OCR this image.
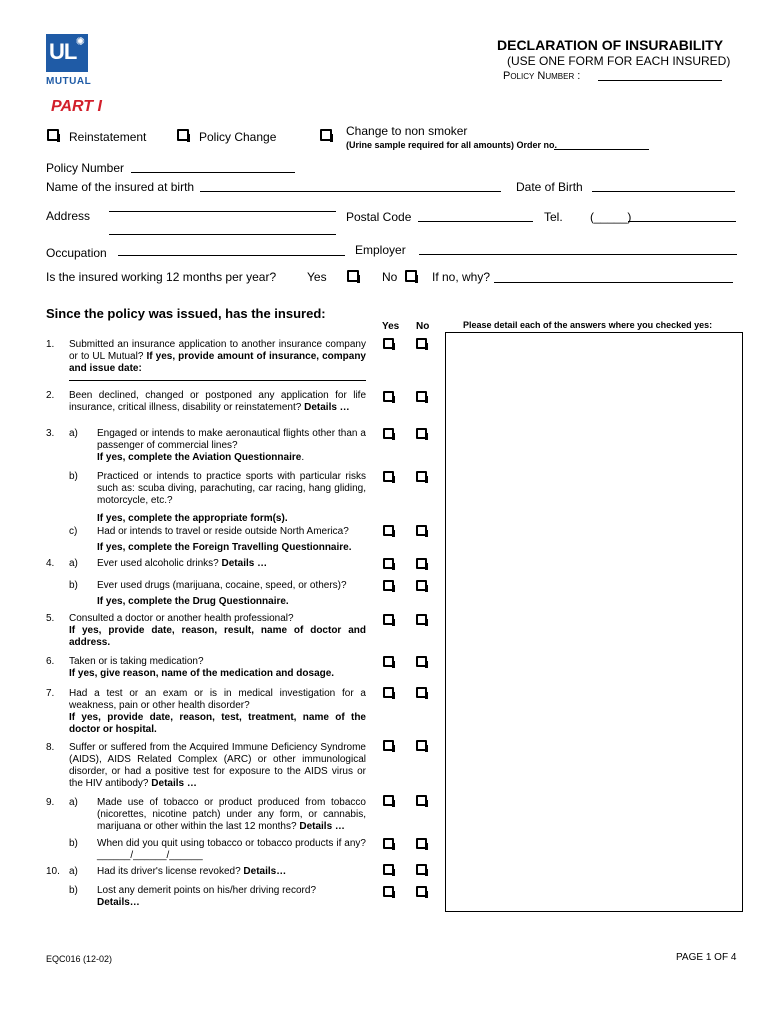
UL ✺
MUTUAL
DECLARATION OF INSURABILITY
(USE ONE FORM FOR EACH INSURED)
Policy Number :
PART I
Reinstatement	Policy Change	Change to non smoker
(Urine sample required for all amounts) Order no.
Policy Number
Name of the insured at birth	Date of Birth
Address	Postal Code	Tel. (_____)
Occupation	Employer
Is the insured working 12 months per year?	Yes	No	If no, why?
Since the policy was issued, has the insured:
Yes No	Please detail each of the answers where you checked yes:
1. Submitted an insurance application to another insurance company or to UL Mutual? If yes, provide amount of insurance, company and issue date:
2. Been declined, changed or postponed any application for life insurance, critical illness, disability or reinstatement? Details …
3. a) Engaged or intends to make aeronautical flights other than a passenger of commercial lines?
If yes, complete the Aviation Questionnaire.
b) Practiced or intends to practice sports with particular risks such as: scuba diving, parachuting, car racing, hang gliding, motorcycle, etc.?
If yes, complete the appropriate form(s).
c) Had or intends to travel or reside outside North America?
If yes, complete the Foreign Travelling Questionnaire.
4. a) Ever used alcoholic drinks? Details …
b) Ever used drugs (marijuana, cocaine, speed, or others)?
If yes, complete the Drug Questionnaire.
5. Consulted a doctor or another health professional?
If yes, provide date, reason, result, name of doctor and address.
6. Taken or is taking medication?
If yes, give reason, name of the medication and dosage.
7. Had a test or an exam or is in medical investigation for a weakness, pain or other health disorder?
If yes, provide date, reason, test, treatment, name of the doctor or hospital.
8. Suffer or suffered from the Acquired Immune Deficiency Syndrome (AIDS), AIDS Related Complex (ARC) or other immunological disorder, or had a positive test for exposure to the AIDS virus or the HIV antibody? Details …
9. a) Made use of tobacco or product produced from tobacco (nicorettes, nicotine patch) under any form, or cannabis, marijuana or other within the last 12 months? Details …
b) When did you quit using tobacco or tobacco products if any? ______/______/______
10. a) Had its driver's license revoked? Details…
b) Lost any demerit points on his/her driving record?
Details…
EQC016 (12-02)	PAGE 1 OF 4
